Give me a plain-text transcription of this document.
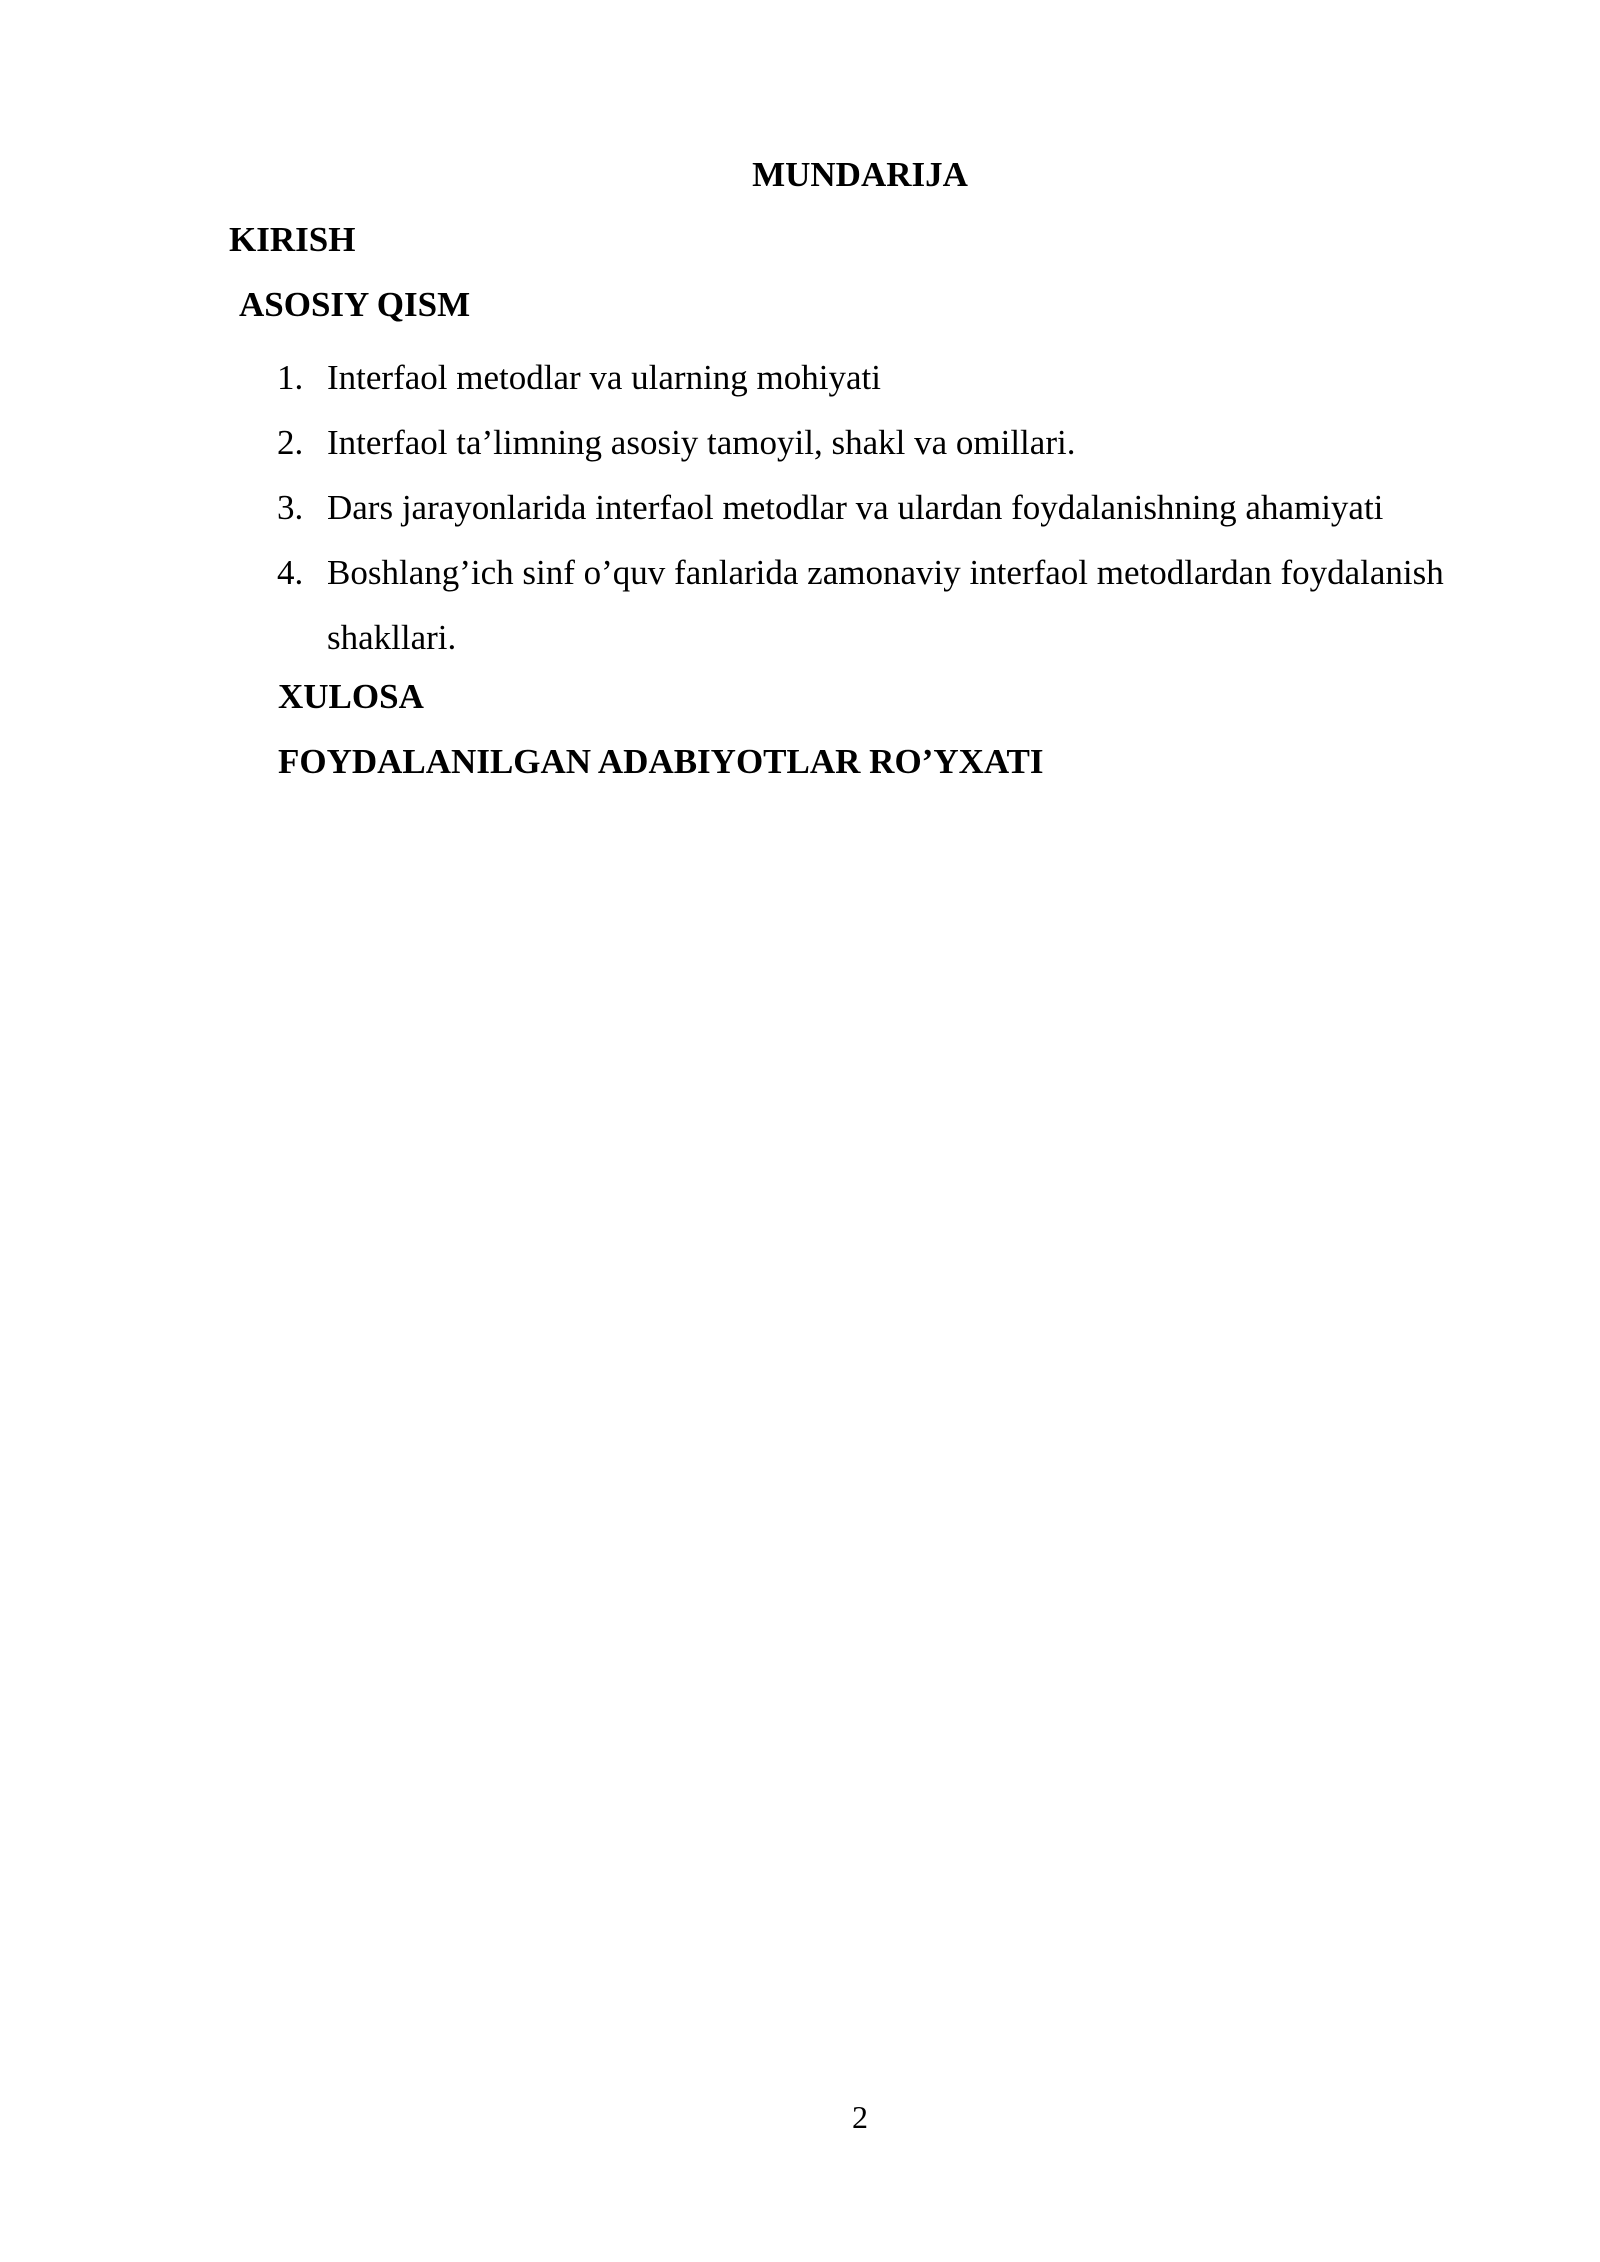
MUNDARIJA
KIRISH
ASOSIY QISM
1. Interfaol metodlar va ularning mohiyati
2. Interfaol ta’limning asosiy tamoyil, shakl va omillari.
3. Dars jarayonlarida interfaol metodlar va ulardan foydalanishning ahamiyati
4. Boshlang’ich sinf o’quv fanlarida zamonaviy interfaol metodlardan foydalanish shakllari.
XULOSA
FOYDALANILGAN ADABIYOTLAR RO’YXATI
2
